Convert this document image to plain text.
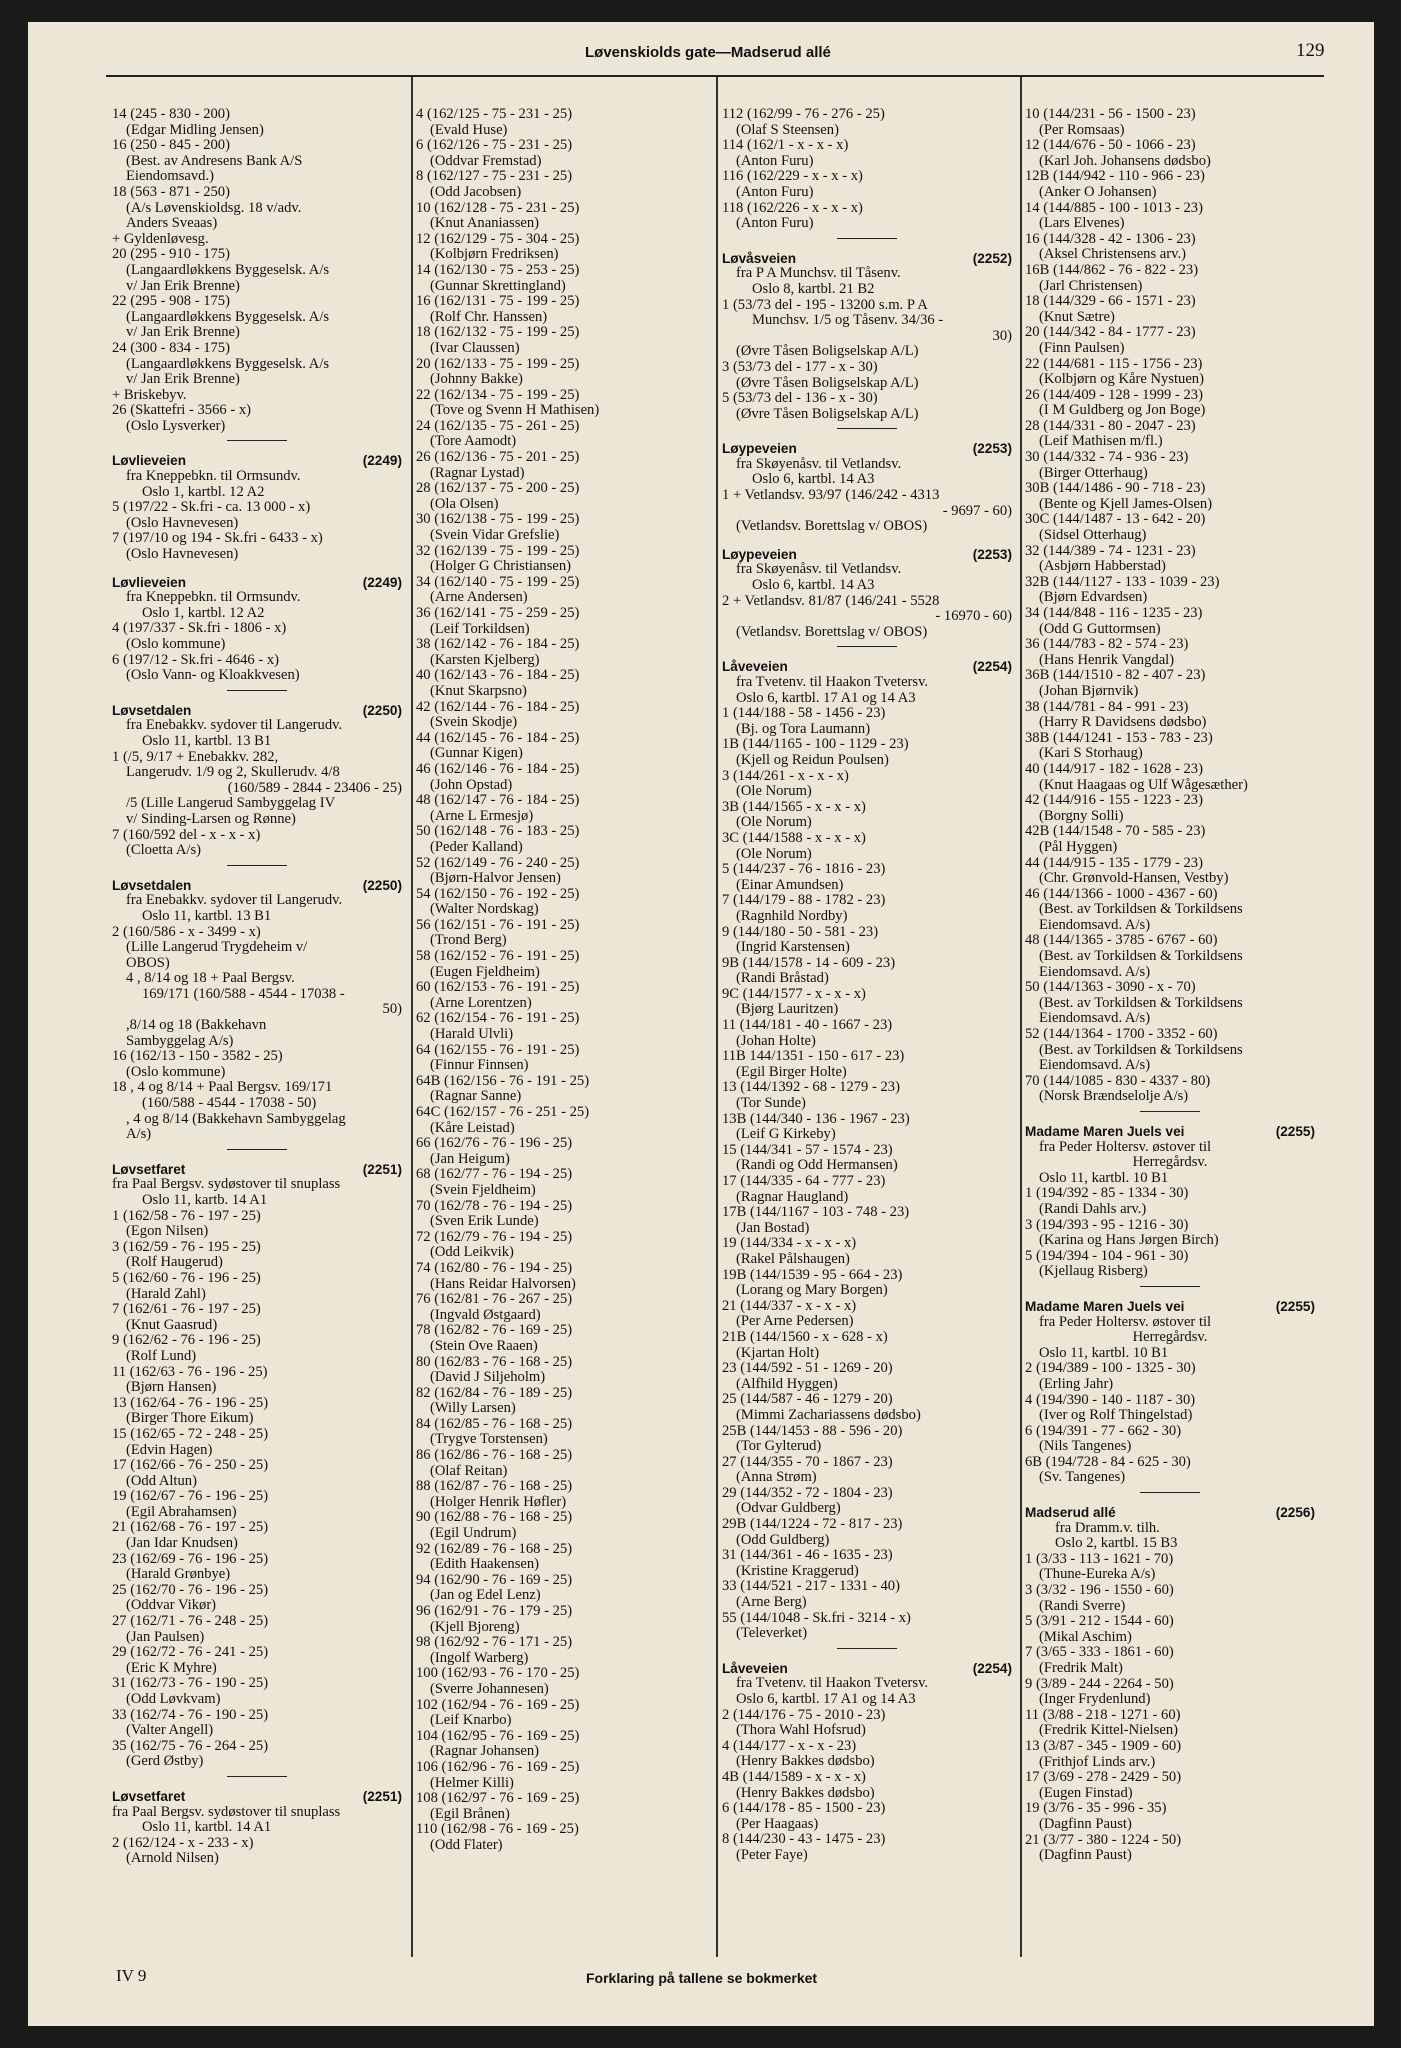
Løvenskiolds gate—Madserud allé	129
14 (245 - 830 - 200)
(Edgar Midling Jensen)
16 (250 - 845 - 200)
(Best. av Andresens Bank A/S
Eiendomsavd.)
18 (563 - 871 - 250)
(A/s Løvenskioldsg. 18 v/adv.
Anders Sveaas)
+ Gyldenløvesg.
20 (295 - 910 - 175)
(Langaardløkkens Byggeselsk. A/s
v/ Jan Erik Brenne)
22 (295 - 908 - 175)
(Langaardløkkens Byggeselsk. A/s
v/ Jan Erik Brenne)
24 (300 - 834 - 175)
(Langaardløkkens Byggeselsk. A/s
v/ Jan Erik Brenne)
+ Briskebyv.
26 (Skattefri - 3566 - x)
(Oslo Lysverker)
Løvlieveien	(2249)
fra Kneppebkn. til Ormsundv.
Oslo 1, kartbl. 12 A2
5 (197/22 - Sk.fri - ca. 13 000 - x)
(Oslo Havnevesen)
7 (197/10 og 194 - Sk.fri - 6433 - x)
(Oslo Havnevesen)
Løvlieveien	(2249)
fra Kneppebkn. til Ormsundv.
Oslo 1, kartbl. 12 A2
4 (197/337 - Sk.fri - 1806 - x)
(Oslo kommune)
6 (197/12 - Sk.fri - 4646 - x)
(Oslo Vann- og Kloakkvesen)
Løvsetdalen	(2250)
fra Enebakkv. sydover til Langerudv.
Oslo 11, kartbl. 13 B1
1 (/5, 9/17 + Enebakkv. 282,
Langerudv. 1/9 og 2, Skullerudv. 4/8
(160/589 - 2844 - 23406 - 25)
/5 (Lille Langerud Sambyggelag IV
v/ Sinding-Larsen og Rønne)
7 (160/592 del - x - x - x)
(Cloetta A/s)
Løvsetdalen	(2250)
fra Enebakkv. sydover til Langerudv.
Oslo 11, kartbl. 13 B1
2 (160/586 - x - 3499 - x)
(Lille Langerud Trygdeheim v/
OBOS)
4 , 8/14 og 18 + Paal Bergsv.
169/171 (160/588 - 4544 - 17038 -
50)
,8/14 og 18 (Bakkehavn
Sambyggelag A/s)
16 (162/13 - 150 - 3582 - 25)
(Oslo kommune)
18 , 4 og 8/14 + Paal Bergsv. 169/171
(160/588 - 4544 - 17038 - 50)
, 4 og 8/14 (Bakkehavn Sambyggelag
A/s)
Løvsetfaret	(2251)
fra Paal Bergsv. sydøstover til snuplass
Oslo 11, kartb. 14 A1
1 (162/58 - 76 - 197 - 25)
(Egon Nilsen)
3 (162/59 - 76 - 195 - 25)
(Rolf Haugerud)
5 (162/60 - 76 - 196 - 25)
(Harald Zahl)
7 (162/61 - 76 - 197 - 25)
(Knut Gaasrud)
9 (162/62 - 76 - 196 - 25)
(Rolf Lund)
11 (162/63 - 76 - 196 - 25)
(Bjørn Hansen)
13 (162/64 - 76 - 196 - 25)
(Birger Thore Eikum)
15 (162/65 - 72 - 248 - 25)
(Edvin Hagen)
17 (162/66 - 76 - 250 - 25)
(Odd Altun)
19 (162/67 - 76 - 196 - 25)
(Egil Abrahamsen)
21 (162/68 - 76 - 197 - 25)
(Jan Idar Knudsen)
23 (162/69 - 76 - 196 - 25)
(Harald Grønbye)
25 (162/70 - 76 - 196 - 25)
(Oddvar Vikør)
27 (162/71 - 76 - 248 - 25)
(Jan Paulsen)
29 (162/72 - 76 - 241 - 25)
(Eric K Myhre)
31 (162/73 - 76 - 190 - 25)
(Odd Løvkvam)
33 (162/74 - 76 - 190 - 25)
(Valter Angell)
35 (162/75 - 76 - 264 - 25)
(Gerd Østby)
Løvsetfaret	(2251)
fra Paal Bergsv. sydøstover til snuplass
Oslo 11, kartbl. 14 A1
2 (162/124 - x - 233 - x)
(Arnold Nilsen)
4 (162/125 - 75 - 231 - 25)
(Evald Huse)
6 (162/126 - 75 - 231 - 25)
(Oddvar Fremstad)
8 (162/127 - 75 - 231 - 25)
(Odd Jacobsen)
10 (162/128 - 75 - 231 - 25)
(Knut Ananiassen)
12 (162/129 - 75 - 304 - 25)
(Kolbjørn Fredriksen)
14 (162/130 - 75 - 253 - 25)
(Gunnar Skrettingland)
16 (162/131 - 75 - 199 - 25)
(Rolf Chr. Hanssen)
18 (162/132 - 75 - 199 - 25)
(Ivar Claussen)
20 (162/133 - 75 - 199 - 25)
(Johnny Bakke)
22 (162/134 - 75 - 199 - 25)
(Tove og Svenn H Mathisen)
24 (162/135 - 75 - 261 - 25)
(Tore Aamodt)
26 (162/136 - 75 - 201 - 25)
(Ragnar Lystad)
28 (162/137 - 75 - 200 - 25)
(Ola Olsen)
30 (162/138 - 75 - 199 - 25)
(Svein Vidar Grefslie)
32 (162/139 - 75 - 199 - 25)
(Holger G Christiansen)
34 (162/140 - 75 - 199 - 25)
(Arne Andersen)
36 (162/141 - 75 - 259 - 25)
(Leif Torkildsen)
38 (162/142 - 76 - 184 - 25)
(Karsten Kjelberg)
40 (162/143 - 76 - 184 - 25)
(Knut Skarpsno)
42 (162/144 - 76 - 184 - 25)
(Svein Skodje)
44 (162/145 - 76 - 184 - 25)
(Gunnar Kigen)
46 (162/146 - 76 - 184 - 25)
(John Opstad)
48 (162/147 - 76 - 184 - 25)
(Arne L Ermesjø)
50 (162/148 - 76 - 183 - 25)
(Peder Kalland)
52 (162/149 - 76 - 240 - 25)
(Bjørn-Halvor Jensen)
54 (162/150 - 76 - 192 - 25)
(Walter Nordskag)
56 (162/151 - 76 - 191 - 25)
(Trond Berg)
58 (162/152 - 76 - 191 - 25)
(Eugen Fjeldheim)
60 (162/153 - 76 - 191 - 25)
(Arne Lorentzen)
62 (162/154 - 76 - 191 - 25)
(Harald Ulvli)
64 (162/155 - 76 - 191 - 25)
(Finnur Finnsen)
64B (162/156 - 76 - 191 - 25)
(Ragnar Sanne)
64C (162/157 - 76 - 251 - 25)
(Kåre Leistad)
66 (162/76 - 76 - 196 - 25)
(Jan Heigum)
68 (162/77 - 76 - 194 - 25)
(Svein Fjeldheim)
70 (162/78 - 76 - 194 - 25)
(Sven Erik Lunde)
72 (162/79 - 76 - 194 - 25)
(Odd Leikvik)
74 (162/80 - 76 - 194 - 25)
(Hans Reidar Halvorsen)
76 (162/81 - 76 - 267 - 25)
(Ingvald Østgaard)
78 (162/82 - 76 - 169 - 25)
(Stein Ove Raaen)
80 (162/83 - 76 - 168 - 25)
(David J Siljeholm)
82 (162/84 - 76 - 189 - 25)
(Willy Larsen)
84 (162/85 - 76 - 168 - 25)
(Trygve Torstensen)
86 (162/86 - 76 - 168 - 25)
(Olaf Reitan)
88 (162/87 - 76 - 168 - 25)
(Holger Henrik Høfler)
90 (162/88 - 76 - 168 - 25)
(Egil Undrum)
92 (162/89 - 76 - 168 - 25)
(Edith Haakensen)
94 (162/90 - 76 - 169 - 25)
(Jan og Edel Lenz)
96 (162/91 - 76 - 179 - 25)
(Kjell Bjoreng)
98 (162/92 - 76 - 171 - 25)
(Ingolf Warberg)
100 (162/93 - 76 - 170 - 25)
(Sverre Johannesen)
102 (162/94 - 76 - 169 - 25)
(Leif Knarbo)
104 (162/95 - 76 - 169 - 25)
(Ragnar Johansen)
106 (162/96 - 76 - 169 - 25)
(Helmer Killi)
108 (162/97 - 76 - 169 - 25)
(Egil Brånen)
110 (162/98 - 76 - 169 - 25)
(Odd Flater)
112 (162/99 - 76 - 276 - 25)
(Olaf S Steensen)
114 (162/1 - x - x - x)
(Anton Furu)
116 (162/229 - x - x - x)
(Anton Furu)
118 (162/226 - x - x - x)
(Anton Furu)
Løvåsveien	(2252)
fra P A Munchsv. til Tåsenv.
Oslo 8, kartbl. 21 B2
1 (53/73 del - 195 - 13200 s.m. P A
Munchsv. 1/5 og Tåsenv. 34/36 -
30)
(Øvre Tåsen Boligselskap A/L)
3 (53/73 del - 177 - x - 30)
(Øvre Tåsen Boligselskap A/L)
5 (53/73 del - 136 - x - 30)
(Øvre Tåsen Boligselskap A/L)
Løypeveien	(2253)
fra Skøyenåsv. til Vetlandsv.
Oslo 6, kartbl. 14 A3
1 + Vetlandsv. 93/97 (146/242 - 4313
- 9697 - 60)
(Vetlandsv. Borettslag v/ OBOS)
Løypeveien	(2253)
fra Skøyenåsv. til Vetlandsv.
Oslo 6, kartbl. 14 A3
2 + Vetlandsv. 81/87 (146/241 - 5528
- 16970 - 60)
(Vetlandsv. Borettslag v/ OBOS)
Låveveien	(2254)
fra Tvetenv. til Haakon Tvetersv.
Oslo 6, kartbl. 17 A1 og 14 A3
1 (144/188 - 58 - 1456 - 23)
(Bj. og Tora Laumann)
1B (144/1165 - 100 - 1129 - 23)
(Kjell og Reidun Poulsen)
3 (144/261 - x - x - x)
(Ole Norum)
3B (144/1565 - x - x - x)
(Ole Norum)
3C (144/1588 - x - x - x)
(Ole Norum)
5 (144/237 - 76 - 1816 - 23)
(Einar Amundsen)
7 (144/179 - 88 - 1782 - 23)
(Ragnhild Nordby)
9 (144/180 - 50 - 581 - 23)
(Ingrid Karstensen)
9B (144/1578 - 14 - 609 - 23)
(Randi Bråstad)
9C (144/1577 - x - x - x)
(Bjørg Lauritzen)
11 (144/181 - 40 - 1667 - 23)
(Johan Holte)
11B 144/1351 - 150 - 617 - 23)
(Egil Birger Holte)
13 (144/1392 - 68 - 1279 - 23)
(Tor Sunde)
13B (144/340 - 136 - 1967 - 23)
(Leif G Kirkeby)
15 (144/341 - 57 - 1574 - 23)
(Randi og Odd Hermansen)
17 (144/335 - 64 - 777 - 23)
(Ragnar Haugland)
17B (144/1167 - 103 - 748 - 23)
(Jan Bostad)
19 (144/334 - x - x - x)
(Rakel Pålshaugen)
19B (144/1539 - 95 - 664 - 23)
(Lorang og Mary Borgen)
21 (144/337 - x - x - x)
(Per Arne Pedersen)
21B (144/1560 - x - 628 - x)
(Kjartan Holt)
23 (144/592 - 51 - 1269 - 20)
(Alfhild Hyggen)
25 (144/587 - 46 - 1279 - 20)
(Mimmi Zachariassens dødsbo)
25B (144/1453 - 88 - 596 - 20)
(Tor Gylterud)
27 (144/355 - 70 - 1867 - 23)
(Anna Strøm)
29 (144/352 - 72 - 1804 - 23)
(Odvar Guldberg)
29B (144/1224 - 72 - 817 - 23)
(Odd Guldberg)
31 (144/361 - 46 - 1635 - 23)
(Kristine Kraggerud)
33 (144/521 - 217 - 1331 - 40)
(Arne Berg)
55 (144/1048 - Sk.fri - 3214 - x)
(Televerket)
Låveveien	(2254)
fra Tvetenv. til Haakon Tvetersv.
Oslo 6, kartbl. 17 A1 og 14 A3
2 (144/176 - 75 - 2010 - 23)
(Thora Wahl Hofsrud)
4 (144/177 - x - x - 23)
(Henry Bakkes dødsbo)
4B (144/1589 - x - x - x)
(Henry Bakkes dødsbo)
6 (144/178 - 85 - 1500 - 23)
(Per Haagaas)
8 (144/230 - 43 - 1475 - 23)
(Peter Faye)
10 (144/231 - 56 - 1500 - 23)
(Per Romsaas)
12 (144/676 - 50 - 1066 - 23)
(Karl Joh. Johansens dødsbo)
12B (144/942 - 110 - 966 - 23)
(Anker O Johansen)
14 (144/885 - 100 - 1013 - 23)
(Lars Elvenes)
16 (144/328 - 42 - 1306 - 23)
(Aksel Christensens arv.)
16B (144/862 - 76 - 822 - 23)
(Jarl Christensen)
18 (144/329 - 66 - 1571 - 23)
(Knut Sætre)
20 (144/342 - 84 - 1777 - 23)
(Finn Paulsen)
22 (144/681 - 115 - 1756 - 23)
(Kolbjørn og Kåre Nystuen)
26 (144/409 - 128 - 1999 - 23)
(I M Guldberg og Jon Boge)
28 (144/331 - 80 - 2047 - 23)
(Leif Mathisen m/fl.)
30 (144/332 - 74 - 936 - 23)
(Birger Otterhaug)
30B (144/1486 - 90 - 718 - 23)
(Bente og Kjell James-Olsen)
30C (144/1487 - 13 - 642 - 20)
(Sidsel Otterhaug)
32 (144/389 - 74 - 1231 - 23)
(Asbjørn Habberstad)
32B (144/1127 - 133 - 1039 - 23)
(Bjørn Edvardsen)
34 (144/848 - 116 - 1235 - 23)
(Odd G Guttormsen)
36 (144/783 - 82 - 574 - 23)
(Hans Henrik Vangdal)
36B (144/1510 - 82 - 407 - 23)
(Johan Bjørnvik)
38 (144/781 - 84 - 991 - 23)
(Harry R Davidsens dødsbo)
38B (144/1241 - 153 - 783 - 23)
(Kari S Storhaug)
40 (144/917 - 182 - 1628 - 23)
(Knut Haagaas og Ulf Wågesæther)
42 (144/916 - 155 - 1223 - 23)
(Borgny Solli)
42B (144/1548 - 70 - 585 - 23)
(Pål Hyggen)
44 (144/915 - 135 - 1779 - 23)
(Chr. Grønvold-Hansen, Vestby)
46 (144/1366 - 1000 - 4367 - 60)
(Best. av Torkildsen & Torkildsens
Eiendomsavd. A/s)
48 (144/1365 - 3785 - 6767 - 60)
(Best. av Torkildsen & Torkildsens
Eiendomsavd. A/s)
50 (144/1363 - 3090 - x - 70)
(Best. av Torkildsen & Torkildsens
Eiendomsavd. A/s)
52 (144/1364 - 1700 - 3352 - 60)
(Best. av Torkildsen & Torkildsens
Eiendomsavd. A/s)
70 (144/1085 - 830 - 4337 - 80)
(Norsk Brændselolje A/s)
Madame Maren Juels vei	(2255)
fra Peder Holtersv. østover til
Herregårdsv.
Oslo 11, kartbl. 10 B1
1 (194/392 - 85 - 1334 - 30)
(Randi Dahls arv.)
3 (194/393 - 95 - 1216 - 30)
(Karina og Hans Jørgen Birch)
5 (194/394 - 104 - 961 - 30)
(Kjellaug Risberg)
Madame Maren Juels vei	(2255)
fra Peder Holtersv. østover til
Herregårdsv.
Oslo 11, kartbl. 10 B1
2 (194/389 - 100 - 1325 - 30)
(Erling Jahr)
4 (194/390 - 140 - 1187 - 30)
(Iver og Rolf Thingelstad)
6 (194/391 - 77 - 662 - 30)
(Nils Tangenes)
6B (194/728 - 84 - 625 - 30)
(Sv. Tangenes)
Madserud allé	(2256)
fra Dramm.v. tilh.
Oslo 2, kartbl. 15 B3
1 (3/33 - 113 - 1621 - 70)
(Thune-Eureka A/s)
3 (3/32 - 196 - 1550 - 60)
(Randi Sverre)
5 (3/91 - 212 - 1544 - 60)
(Mikal Aschim)
7 (3/65 - 333 - 1861 - 60)
(Fredrik Malt)
9 (3/89 - 244 - 2264 - 50)
(Inger Frydenlund)
11 (3/88 - 218 - 1271 - 60)
(Fredrik Kittel-Nielsen)
13 (3/87 - 345 - 1909 - 60)
(Frithjof Linds arv.)
17 (3/69 - 278 - 2429 - 50)
(Eugen Finstad)
19 (3/76 - 35 - 996 - 35)
(Dagfinn Paust)
21 (3/77 - 380 - 1224 - 50)
(Dagfinn Paust)
IV 9	Forklaring på tallene se bokmerket
